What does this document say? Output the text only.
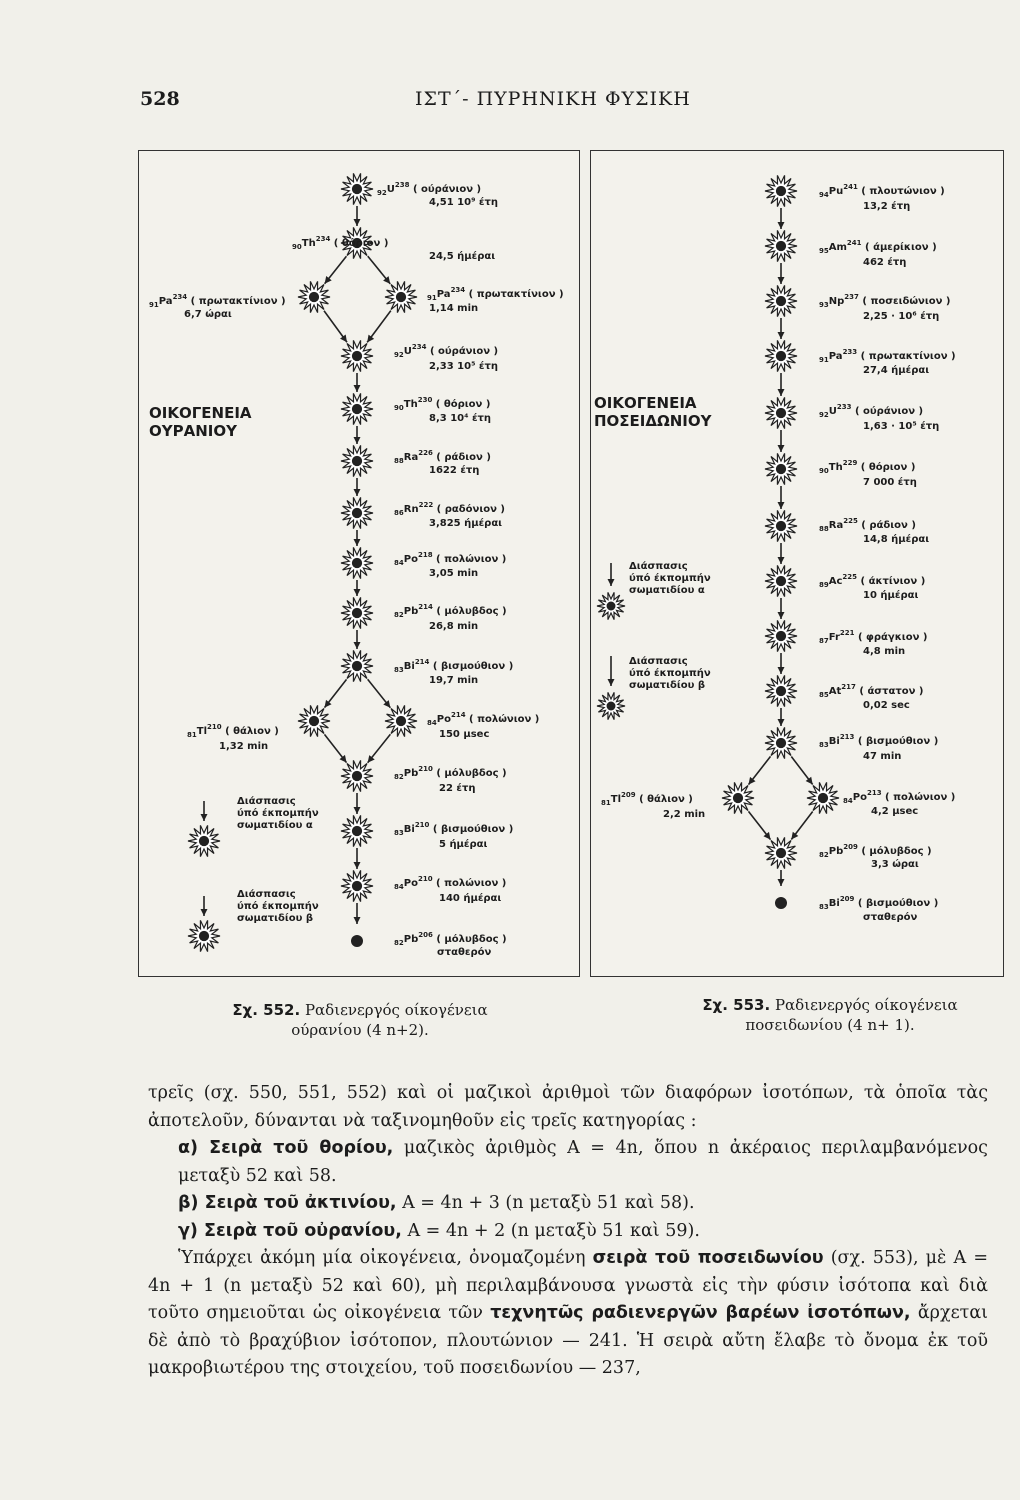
528	ΙΣΤ΄- ΠΥΡΗΝΙΚΗ ΦΥΣΙΚΗ
ΟΙΚΟΓΕΝΕΙΑ
ΟΥΡΑΝΙΟΥ
Διάσπασις
ύπό έκπομπήν
σωματιδίου α
Διάσπασις
ύπό έκπομπήν
σωματιδίου β
$_{92}U^{238}$ ( ούράνιον )
4,51 10⁹ έτη
$_{90}Th^{234}$ ( θόριον )
24,5 ήμέραι
$_{91}Pa^{234}$ ( πρωτακτίνιον )
1,14 min
$_{91}Pa^{234}$ ( πρωτακτίνιον )
6,7 ώραι
$_{92}U^{234}$ ( ούράνιον )
2,33 10⁵ έτη
$_{90}Th^{230}$ ( θόριον )
8,3 10⁴ έτη
$_{88}Ra^{226}$ ( ράδιον )
1622 έτη
$_{86}Rn^{222}$ ( ραδόνιον )
3,825 ήμέραι
$_{84}Po^{218}$ ( πολώνιον )
3,05 min
$_{82}Pb^{214}$ ( μόλυβδος )
26,8 min
$_{83}Bi^{214}$ ( βισμούθιον )
19,7 min
$_{84}Po^{214}$ ( πολώνιον )
150 μsec
$_{81}Tl^{210}$ ( θάλιον )
1,32 min
$_{82}Pb^{210}$ ( μόλυβδος )
22 έτη
$_{83}Bi^{210}$ ( βισμούθιον )
5 ήμέραι
$_{84}Po^{210}$ ( πολώνιον )
140 ήμέραι
$_{82}Pb^{206}$ ( μόλυβδος )
σταθερόν
ΟΙΚΟΓΕΝΕΙΑ
ΠΟΣΕΙΔΩΝΙΟΥ
Διάσπασις
ύπό έκπομπήν
σωματιδίου α
Διάσπασις
ύπό έκπομπήν
σωματιδίου β
$_{94}Pu^{241}$ ( πλουτώνιον )
13,2 έτη
$_{95}Am^{241}$ ( άμερίκιον )
462 έτη
$_{93}Np^{237}$ ( ποσειδώνιον )
2,25 · 10⁶ έτη
$_{91}Pa^{233}$ ( πρωτακτίνιον )
27,4 ήμέραι
$_{92}U^{233}$ ( ούράνιον )
1,63 · 10⁵ έτη
$_{90}Th^{229}$ ( θόριον )
7 000 έτη
$_{88}Ra^{225}$ ( ράδιον )
14,8 ήμέραι
$_{89}Ac^{225}$ ( άκτίνιον )
10 ήμέραι
$_{87}Fr^{221}$ ( φράγκιον )
4,8 min
$_{85}At^{217}$ ( άστατον )
0,02 sec
$_{83}Bi^{213}$ ( βισμούθιον )
47 min
$_{81}Tl^{209}$ ( θάλιον )
2,2 min
$_{84}Po^{213}$ ( πολώνιον )
4,2 μsec
$_{82}Pb^{209}$ ( μόλυβδος )
3,3 ώραι
$_{83}Bi^{209}$ ( βισμούθιον )
σταθερόν
Σχ. 552. Ραδιενεργός οίκογένεια
ούρανίου (4 n+2).
Σχ. 553. Ραδιενεργός οίκογένεια
ποσειδωνίου (4 n+ 1).

τρεῖς (σχ. 550, 551, 552) καὶ οἱ μαζικοὶ ἀριθμοὶ τῶν διαφόρων ἰσοτόπων, τὰ ὁποῖα τὰς ἀποτελοῦν, δύνανται νὰ ταξινομηθοῦν εἰς τρεῖς κατηγορίας :

α) Σειρὰ τοῦ θορίου, μαζικὸς ἀριθμὸς Α = 4n, ὅπου n ἀκέραιος περιλαμβανόμενος μεταξὺ 52 καὶ 58.

β) Σειρὰ τοῦ ἀκτινίου, Α = 4n + 3 (n μεταξὺ 51 καὶ 58).

γ) Σειρὰ τοῦ οὐρανίου, Α = 4n + 2 (n μεταξὺ 51 καὶ 59).

Ὑπάρχει ἀκόμη μία οἰκογένεια, ὀνομαζομένη σειρὰ τοῦ ποσειδωνίου (σχ. 553), μὲ Α = 4n + 1 (n μεταξὺ 52 καὶ 60), μὴ περιλαμβάνουσα γνωστὰ εἰς τὴν φύσιν ἰσότοπα καὶ διὰ τοῦτο σημειοῦται ὡς οἰκογένεια τῶν τεχνητῶς ραδιενεργῶν βαρέων ἰσοτόπων, ἄρχεται δὲ ἀπὸ τὸ βραχύβιον ἰσότοπον, πλουτώνιον — 241. Ἡ σειρὰ αὔτη ἔλαβε τὸ ὄνομα ἐκ τοῦ μακροβιωτέρου της στοιχείου, τοῦ ποσειδωνίου — 237,
